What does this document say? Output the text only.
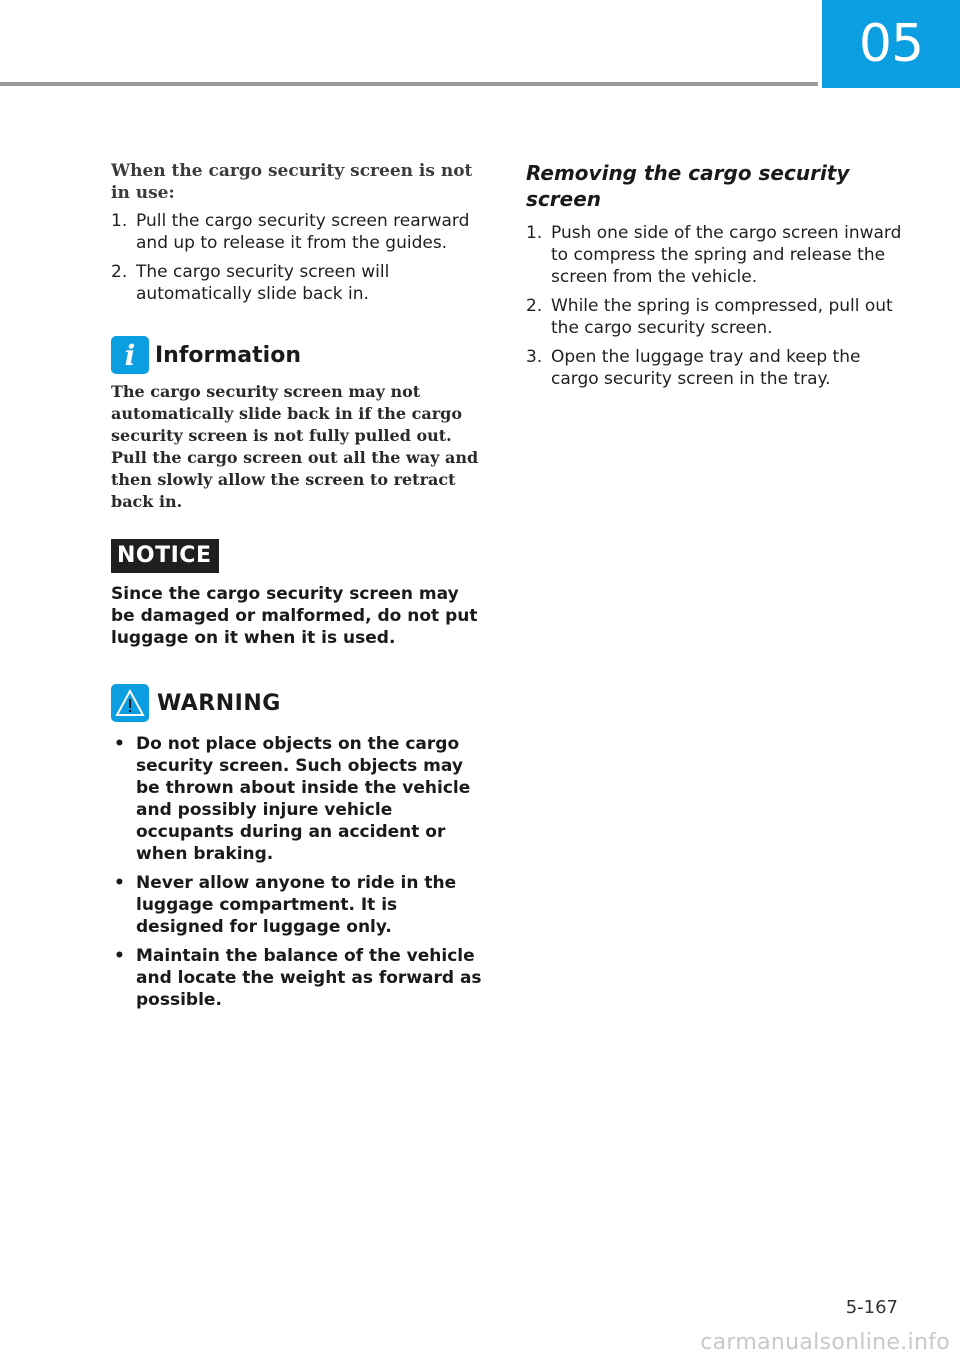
05
When the cargo security screen is not in use:
1. Pull the cargo security screen rearward and up to release it from the guides.
2. The cargo security screen will automatically slide back in.
i Information
The cargo security screen may not automatically slide back in if the cargo security screen is not fully pulled out. Pull the cargo screen out all the way and then slowly allow the screen to retract back in.
NOTICE
Since the cargo security screen may be damaged or malformed, do not put luggage on it when it is used.
WARNING
• Do not place objects on the cargo security screen. Such objects may be thrown about inside the vehicle and possibly injure vehicle occupants during an accident or when braking.
• Never allow anyone to ride in the luggage compartment. It is designed for luggage only.
• Maintain the balance of the vehicle and locate the weight as forward as possible.
Removing the cargo security screen
1. Push one side of the cargo screen inward to compress the spring and release the screen from the vehicle.
2. While the spring is compressed, pull out the cargo security screen.
3. Open the luggage tray and keep the cargo security screen in the tray.
5-167
carmanualsonline.info
